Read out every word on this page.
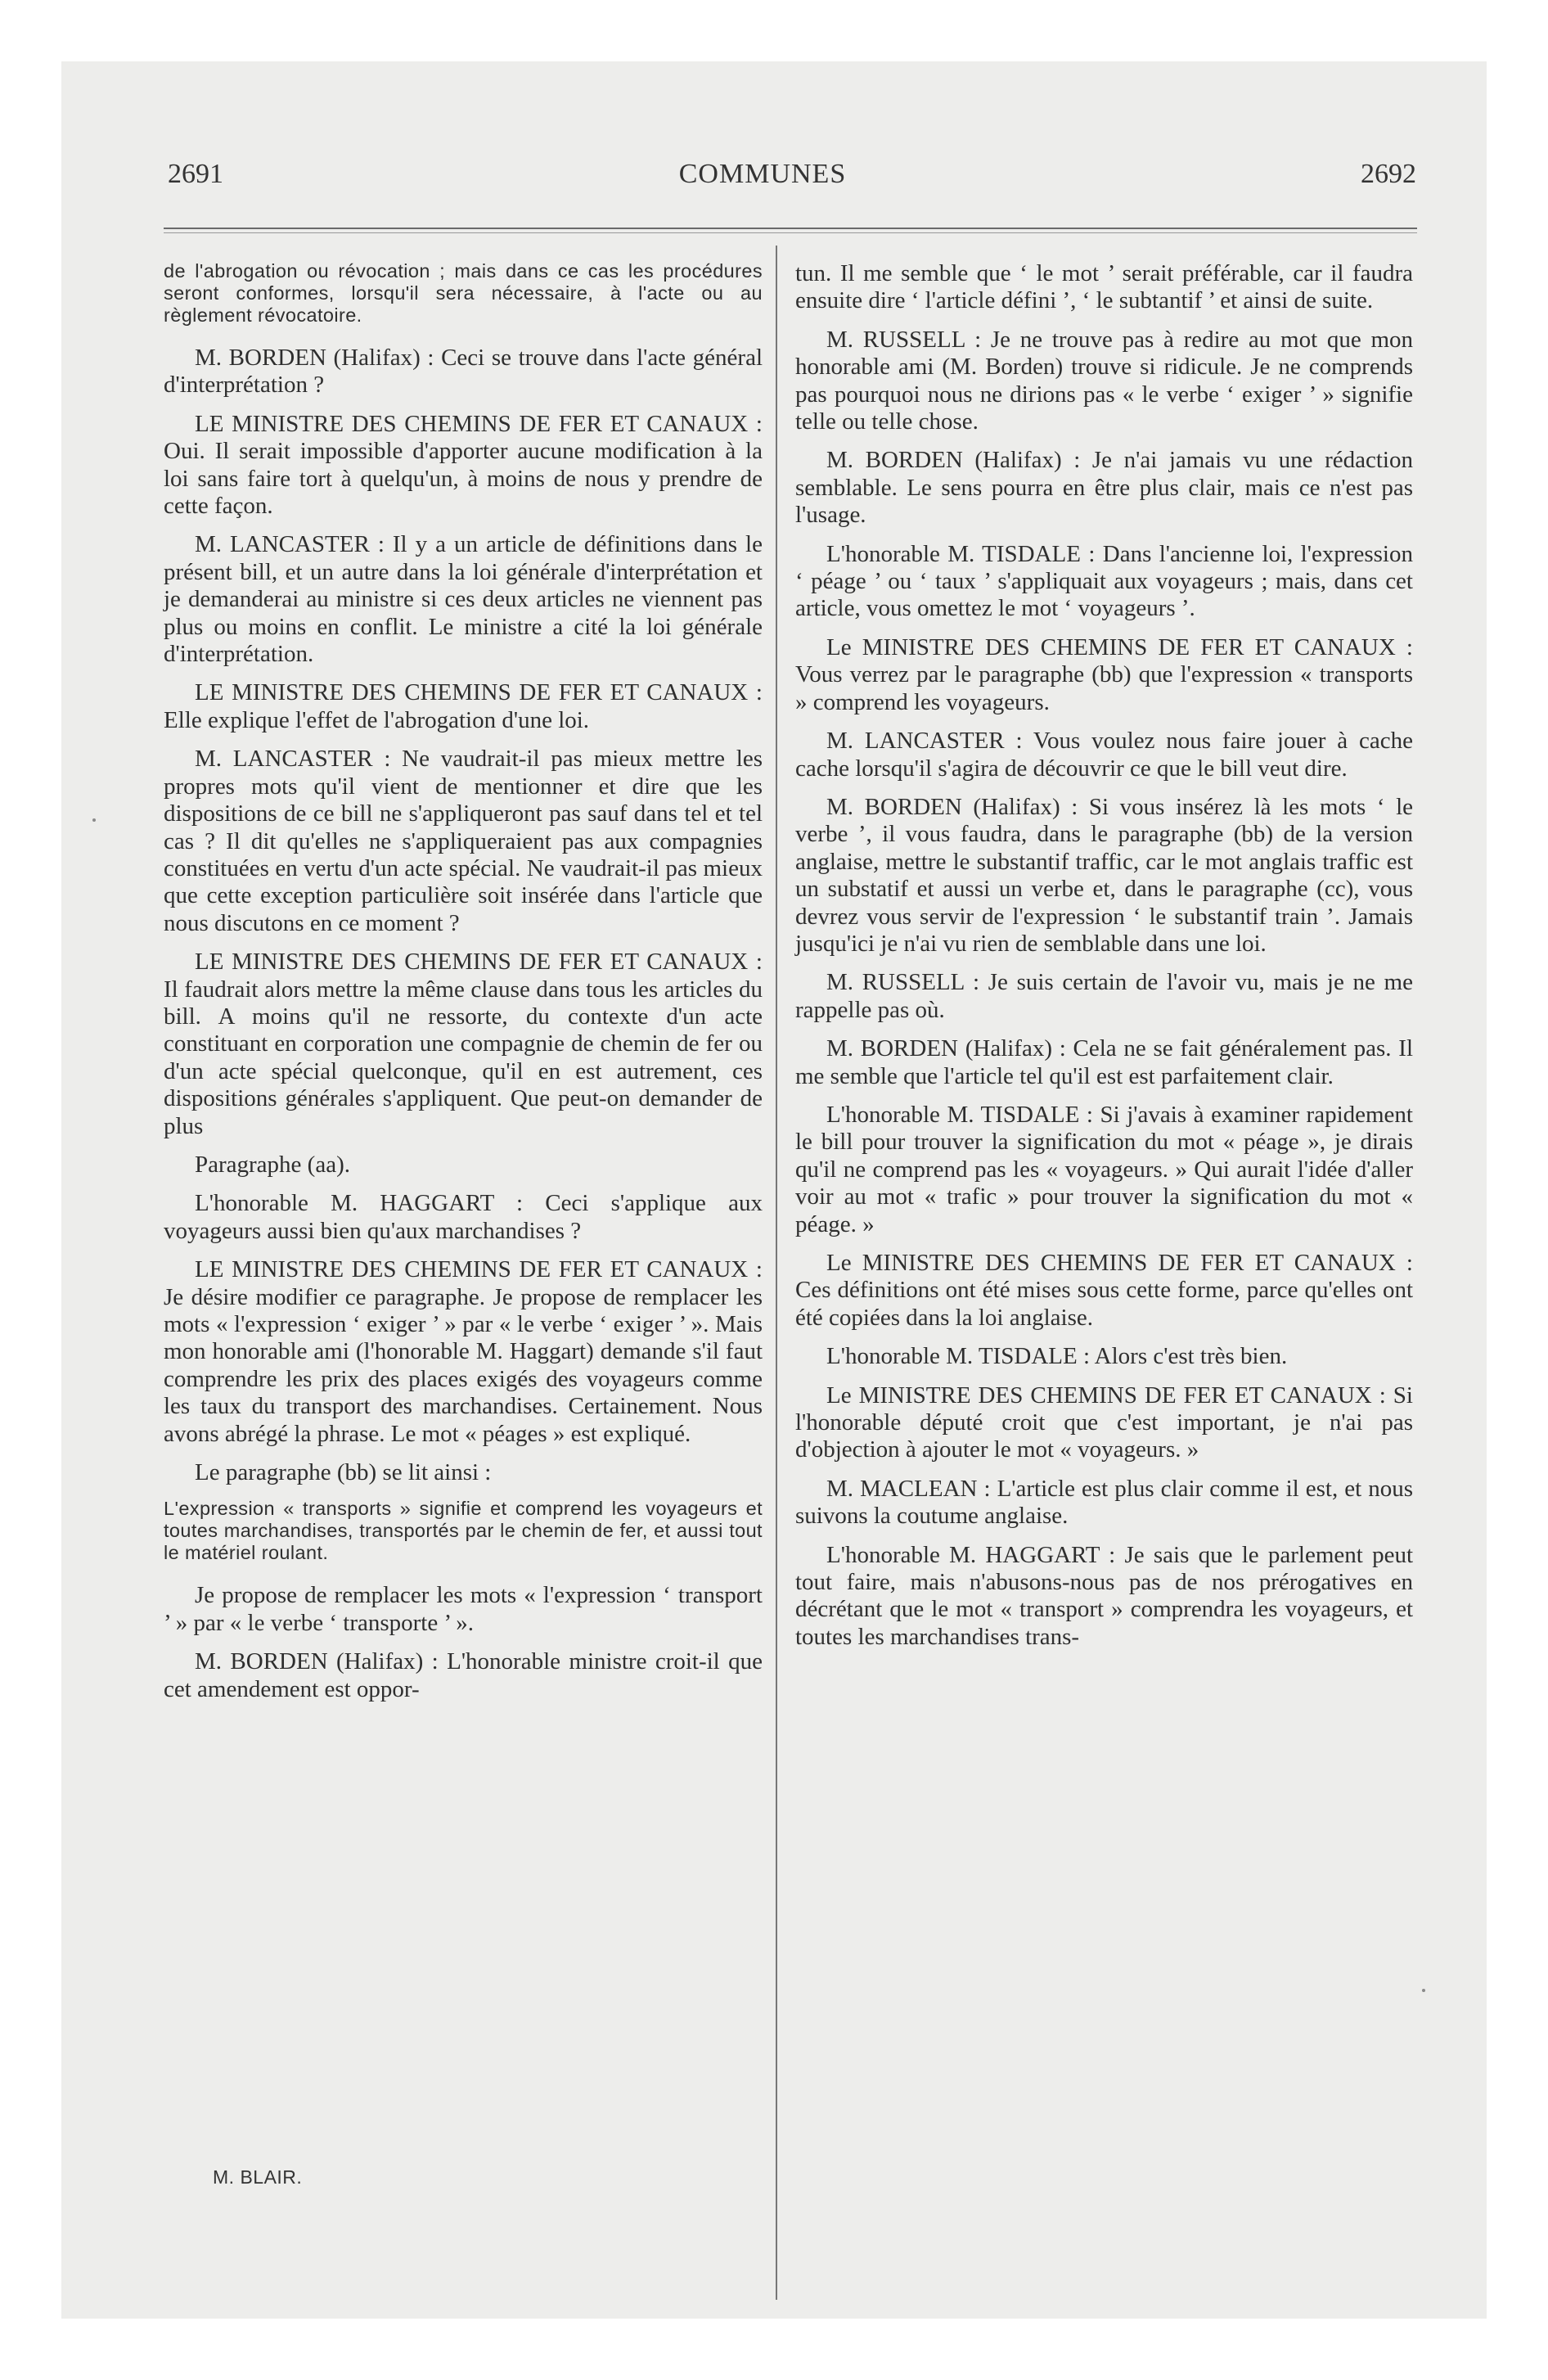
2691	COMMUNES	2692

de l'abrogation ou révocation ; mais dans ce cas les procédures seront conformes, lorsqu'il sera nécessaire, à l'acte ou au règlement révocatoire.

M. BORDEN (Halifax) : Ceci se trouve dans l'acte général d'interprétation ?

LE MINISTRE DES CHEMINS DE FER ET CANAUX : Oui. Il serait impossible d'apporter aucune modification à la loi sans faire tort à quelqu'un, à moins de nous y prendre de cette façon.

M. LANCASTER : Il y a un article de définitions dans le présent bill, et un autre dans la loi générale d'interprétation et je demanderai au ministre si ces deux articles ne viennent pas plus ou moins en conflit. Le ministre a cité la loi générale d'interprétation.

LE MINISTRE DES CHEMINS DE FER ET CANAUX : Elle explique l'effet de l'abrogation d'une loi.

M. LANCASTER : Ne vaudrait-il pas mieux mettre les propres mots qu'il vient de mentionner et dire que les dispositions de ce bill ne s'appliqueront pas sauf dans tel et tel cas ? Il dit qu'elles ne s'appliqueraient pas aux compagnies constituées en vertu d'un acte spécial. Ne vaudrait-il pas mieux que cette exception particulière soit insérée dans l'article que nous discutons en ce moment ?

LE MINISTRE DES CHEMINS DE FER ET CANAUX : Il faudrait alors mettre la même clause dans tous les articles du bill. A moins qu'il ne ressorte, du contexte d'un acte constituant en corporation une compagnie de chemin de fer ou d'un acte spécial quelconque, qu'il en est autrement, ces dispositions générales s'appliquent. Que peut-on demander de plus

Paragraphe (aa).

L'honorable M. HAGGART : Ceci s'applique aux voyageurs aussi bien qu'aux marchandises ?

LE MINISTRE DES CHEMINS DE FER ET CANAUX : Je désire modifier ce paragraphe. Je propose de remplacer les mots « l'expression ‘ exiger ’ » par « le verbe ‘ exiger ’ ». Mais mon honorable ami (l'honorable M. Haggart) demande s'il faut comprendre les prix des places exigés des voyageurs comme les taux du transport des marchandises. Certainement. Nous avons abrégé la phrase. Le mot « péages » est expliqué.

Le paragraphe (bb) se lit ainsi :

L'expression « transports » signifie et comprend les voyageurs et toutes marchandises, transportés par le chemin de fer, et aussi tout le matériel roulant.

Je propose de remplacer les mots « l'expression ‘ transport ’ » par « le verbe ‘ transporte ’ ».

M. BORDEN (Halifax) : L'honorable ministre croit-il que cet amendement est oppor-

tun. Il me semble que ‘ le mot ’ serait préférable, car il faudra ensuite dire ‘ l'article défini ’, ‘ le subtantif ’ et ainsi de suite.

M. RUSSELL : Je ne trouve pas à redire au mot que mon honorable ami (M. Borden) trouve si ridicule. Je ne comprends pas pourquoi nous ne dirions pas « le verbe ‘ exiger ’ » signifie telle ou telle chose.

M. BORDEN (Halifax) : Je n'ai jamais vu une rédaction semblable. Le sens pourra en être plus clair, mais ce n'est pas l'usage.

L'honorable M. TISDALE : Dans l'ancienne loi, l'expression ‘ péage ’ ou ‘ taux ’ s'appliquait aux voyageurs ; mais, dans cet article, vous omettez le mot ‘ voyageurs ’.

Le MINISTRE DES CHEMINS DE FER ET CANAUX : Vous verrez par le paragraphe (bb) que l'expression « transports » comprend les voyageurs.

M. LANCASTER : Vous voulez nous faire jouer à cache cache lorsqu'il s'agira de découvrir ce que le bill veut dire.

M. BORDEN (Halifax) : Si vous insérez là les mots ‘ le verbe ’, il vous faudra, dans le paragraphe (bb) de la version anglaise, mettre le substantif traffic, car le mot anglais traffic est un substatif et aussi un verbe et, dans le paragraphe (cc), vous devrez vous servir de l'expression ‘ le substantif train ’. Jamais jusqu'ici je n'ai vu rien de semblable dans une loi.

M. RUSSELL : Je suis certain de l'avoir vu, mais je ne me rappelle pas où.

M. BORDEN (Halifax) : Cela ne se fait généralement pas. Il me semble que l'article tel qu'il est est parfaitement clair.

L'honorable M. TISDALE : Si j'avais à examiner rapidement le bill pour trouver la signification du mot « péage », je dirais qu'il ne comprend pas les « voyageurs. » Qui aurait l'idée d'aller voir au mot « trafic » pour trouver la signification du mot « péage. »

Le MINISTRE DES CHEMINS DE FER ET CANAUX : Ces définitions ont été mises sous cette forme, parce qu'elles ont été copiées dans la loi anglaise.

L'honorable M. TISDALE : Alors c'est très bien.

Le MINISTRE DES CHEMINS DE FER ET CANAUX : Si l'honorable député croit que c'est important, je n'ai pas d'objection à ajouter le mot « voyageurs. »

M. MACLEAN : L'article est plus clair comme il est, et nous suivons la coutume anglaise.

L'honorable M. HAGGART : Je sais que le parlement peut tout faire, mais n'abusons-nous pas de nos prérogatives en décrétant que le mot « transport » comprendra les voyageurs, et toutes les marchandises trans-

M. BLAIR.
